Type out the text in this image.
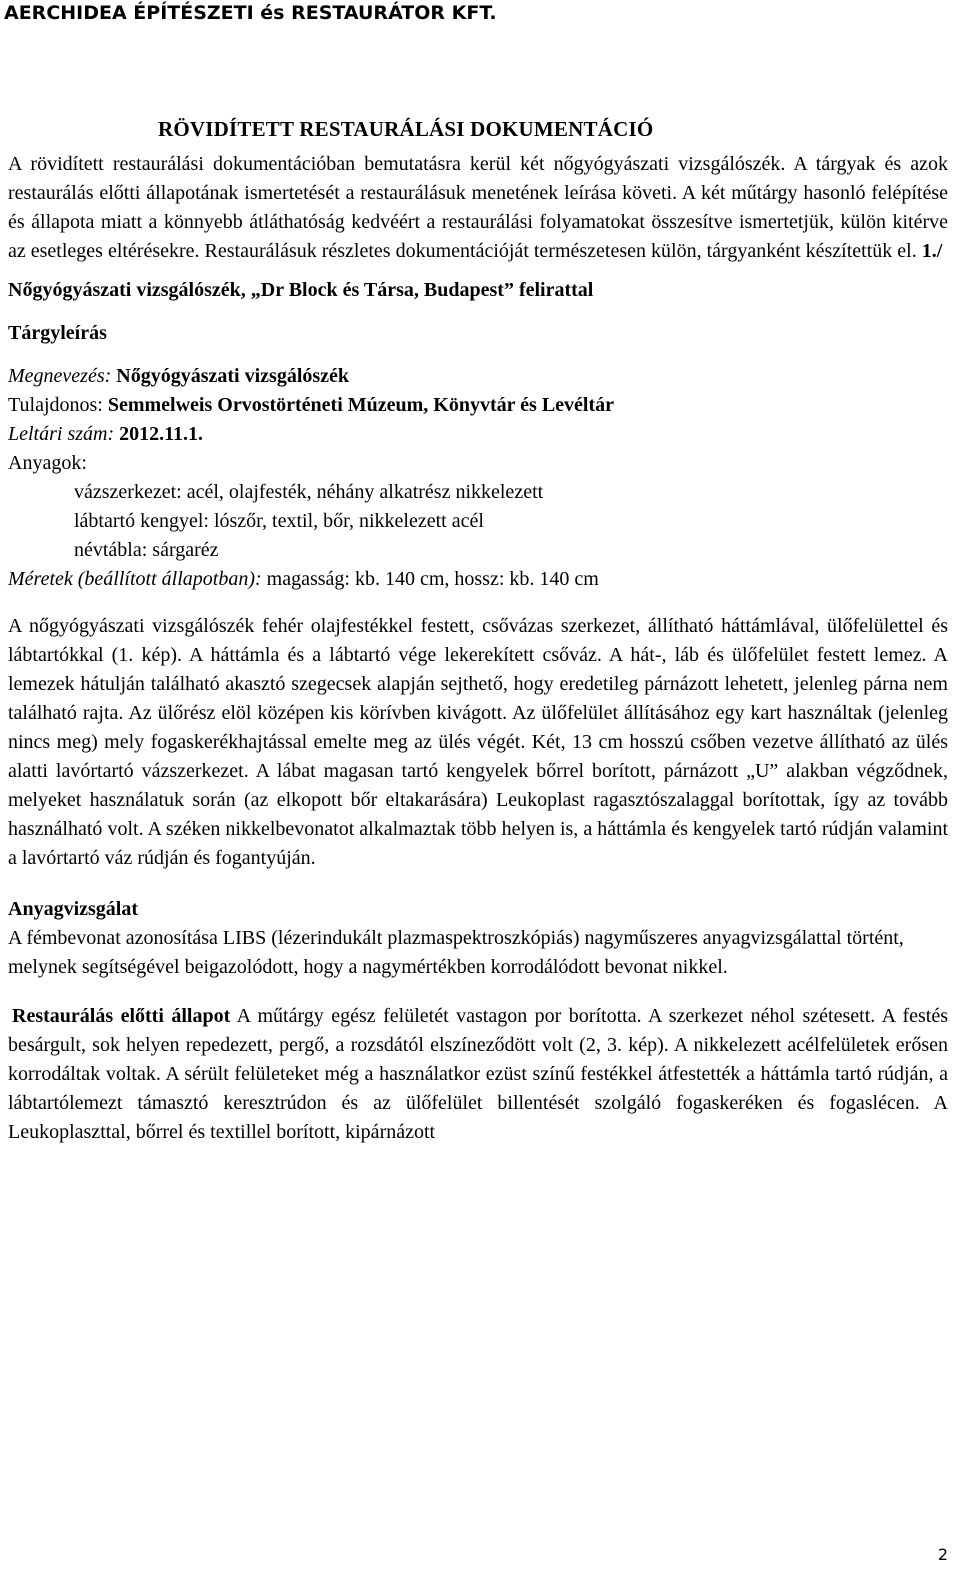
AERCHIDEA ÉPÍTÉSZETI és RESTAURÁTOR KFT.
RÖVIDÍTETT RESTAURÁLÁSI DOKUMENTÁCIÓ

A rövidített restaurálási dokumentációban bemutatásra kerül két nőgyógyászati vizsgálószék. A tárgyak és azok restaurálás előtti állapotának ismertetését a restaurálásuk menetének leírása követi. A két műtárgy hasonló felépítése és állapota miatt a könnyebb átláthatóság kedvéért a restaurálási folyamatokat összesítve ismertetjük, külön kitérve az esetleges eltérésekre. Restaurálásuk részletes dokumentációját természetesen külön, tárgyanként készítettük el. 1./

Nőgyógyászati vizsgálószék, „Dr Block és Társa, Budapest” felirattal
Tárgyleírás

Megnevezés: Nőgyógyászati vizsgálószék

Tulajdonos: Semmelweis Orvostörténeti Múzeum, Könyvtár és Levéltár

Leltári szám: 2012.11.1.

Anyagok:

vázszerkezet: acél, olajfesték, néhány alkatrész nikkelezett

lábtartó kengyel: lószőr, textil, bőr, nikkelezett acél

névtábla: sárgaréz

Méretek (beállított állapotban): magasság: kb. 140 cm, hossz: kb. 140 cm

A nőgyógyászati vizsgálószék fehér olajfestékkel festett, csővázas szerkezet, állítható háttámlával, ülőfelülettel és lábtartókkal (1. kép). A háttámla és a lábtartó vége lekerekített csőváz. A hát-, láb és ülőfelület festett lemez. A lemezek hátulján található akasztó szegecsek alapján sejthető, hogy eredetileg párnázott lehetett, jelenleg párna nem található rajta. Az ülőrész elöl középen kis körívben kivágott. Az ülőfelület állításához egy kart használtak (jelenleg nincs meg) mely fogaskerékhajtással emelte meg az ülés végét. Két, 13 cm hosszú csőben vezetve állítható az ülés alatti lavórtartó vázszerkezet. A lábat magasan tartó kengyelek bőrrel borított, párnázott „U” alakban végződnek, melyeket használatuk során (az elkopott bőr eltakarására) Leukoplast ragasztószalaggal borítottak, így az tovább használható volt. A széken nikkelbevonatot alkalmaztak több helyen is, a háttámla és kengyelek tartó rúdján valamint a lavórtartó váz rúdján és fogantyúján.

Anyagvizsgálat

A fémbevonat azonosítása LIBS (lézerindukált plazmaspektroszkópiás) nagyműszeres anyagvizsgálattal történt, melynek segítségével beigazolódott, hogy a nagymértékben korrodálódott bevonat nikkel.

Restaurálás előtti állapot A műtárgy egész felületét vastagon por borította. A szerkezet néhol szétesett. A festés besárgult, sok helyen repedezett, pergő, a rozsdától elszíneződött volt (2, 3. kép). A nikkelezett acélfelületek erősen korrodáltak voltak. A sérült felületeket még a használatkor ezüst színű festékkel átfestették a háttámla tartó rúdján, a lábtartólemezt támasztó keresztrúdon és az ülőfelület billentését szolgáló fogaskeréken és fogaslécen. A Leukoplaszttal, bőrrel és textillel borított, kipárnázott

2
